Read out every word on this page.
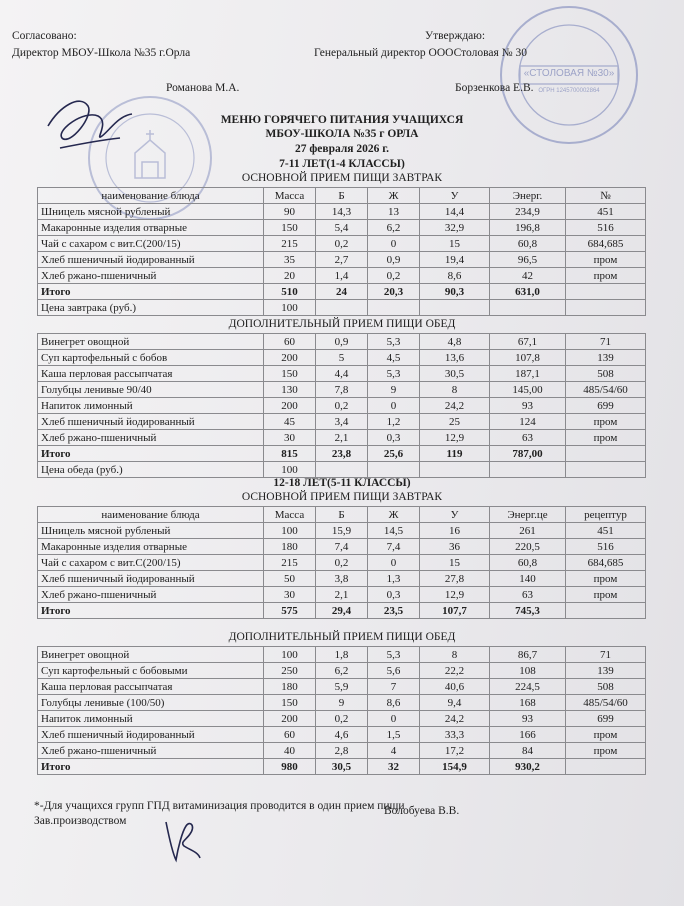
«СТОЛОВАЯ №30»
ОГРН 1245700002864
Согласовано:
Директор МБОУ-Школа №35 г.Орла
Романова М.А.
Утверждаю:
Генеральный директор ОООСтоловая № 30
Борзенкова Е.В.
МЕНЮ ГОРЯЧЕГО ПИТАНИЯ УЧАЩИХСЯ
МБОУ-ШКОЛА №35 г ОРЛА
27 февраля 2026 г.
7-11 ЛЕТ(1-4 КЛАССЫ)
ОСНОВНОЙ ПРИЕМ ПИЩИ ЗАВТРАК
наименование блюда	Масса	Б	Ж	У	Энерг.	№
Шницель мясной рубленый	90	14,3	13	14,4	234,9	451
Макаронные изделия отварные	150	5,4	6,2	32,9	196,8	516
Чай с сахаром с вит.С(200/15)	215	0,2	0	15	60,8	684,685
Хлеб пшеничный йодированный	35	2,7	0,9	19,4	96,5	пром
Хлеб ржано-пшеничный	20	1,4	0,2	8,6	42	пром
Итого	510	24	20,3	90,3	631,0	
Цена завтрака (руб.)	100					
ДОПОЛНИТЕЛЬНЫЙ ПРИЕМ ПИЩИ ОБЕД
Винегрет овощной	60	0,9	5,3	4,8	67,1	71
Суп картофельный с бобов	200	5	4,5	13,6	107,8	139
Каша перловая рассыпчатая	150	4,4	5,3	30,5	187,1	508
Голубцы ленивые 90/40	130	7,8	9	8	145,00	485/54/60
Напиток лимонный	200	0,2	0	24,2	93	699
Хлеб пшеничный йодированный	45	3,4	1,2	25	124	пром
Хлеб ржано-пшеничный	30	2,1	0,3	12,9	63	пром
Итого	815	23,8	25,6	119	787,00	
Цена обеда (руб.)	100					
12-18 ЛЕТ(5-11 КЛАССЫ)
ОСНОВНОЙ ПРИЕМ ПИЩИ ЗАВТРАК
наименование блюда	Масса	Б	Ж	У	Энерг.це	рецептур
Шницель мясной рубленый	100	15,9	14,5	16	261	451
Макаронные изделия отварные	180	7,4	7,4	36	220,5	516
Чай с сахаром с вит.С(200/15)	215	0,2	0	15	60,8	684,685
Хлеб пшеничный йодированный	50	3,8	1,3	27,8	140	пром
Хлеб ржано-пшеничный	30	2,1	0,3	12,9	63	пром
Итого	575	29,4	23,5	107,7	745,3	
ДОПОЛНИТЕЛЬНЫЙ ПРИЕМ ПИЩИ ОБЕД
Винегрет овощной	100	1,8	5,3	8	86,7	71
Суп картофельный с бобовыми	250	6,2	5,6	22,2	108	139
Каша перловая рассыпчатая	180	5,9	7	40,6	224,5	508
Голубцы ленивые (100/50)	150	9	8,6	9,4	168	485/54/60
Напиток лимонный	200	0,2	0	24,2	93	699
Хлеб пшеничный йодированный	60	4,6	1,5	33,3	166	пром
Хлеб ржано-пшеничный	40	2,8	4	17,2	84	пром
Итого	980	30,5	32	154,9	930,2	
*-Для учащихся групп ГПД витаминизация проводится в один прием пищи
Зав.производством
Волобуева В.В.
